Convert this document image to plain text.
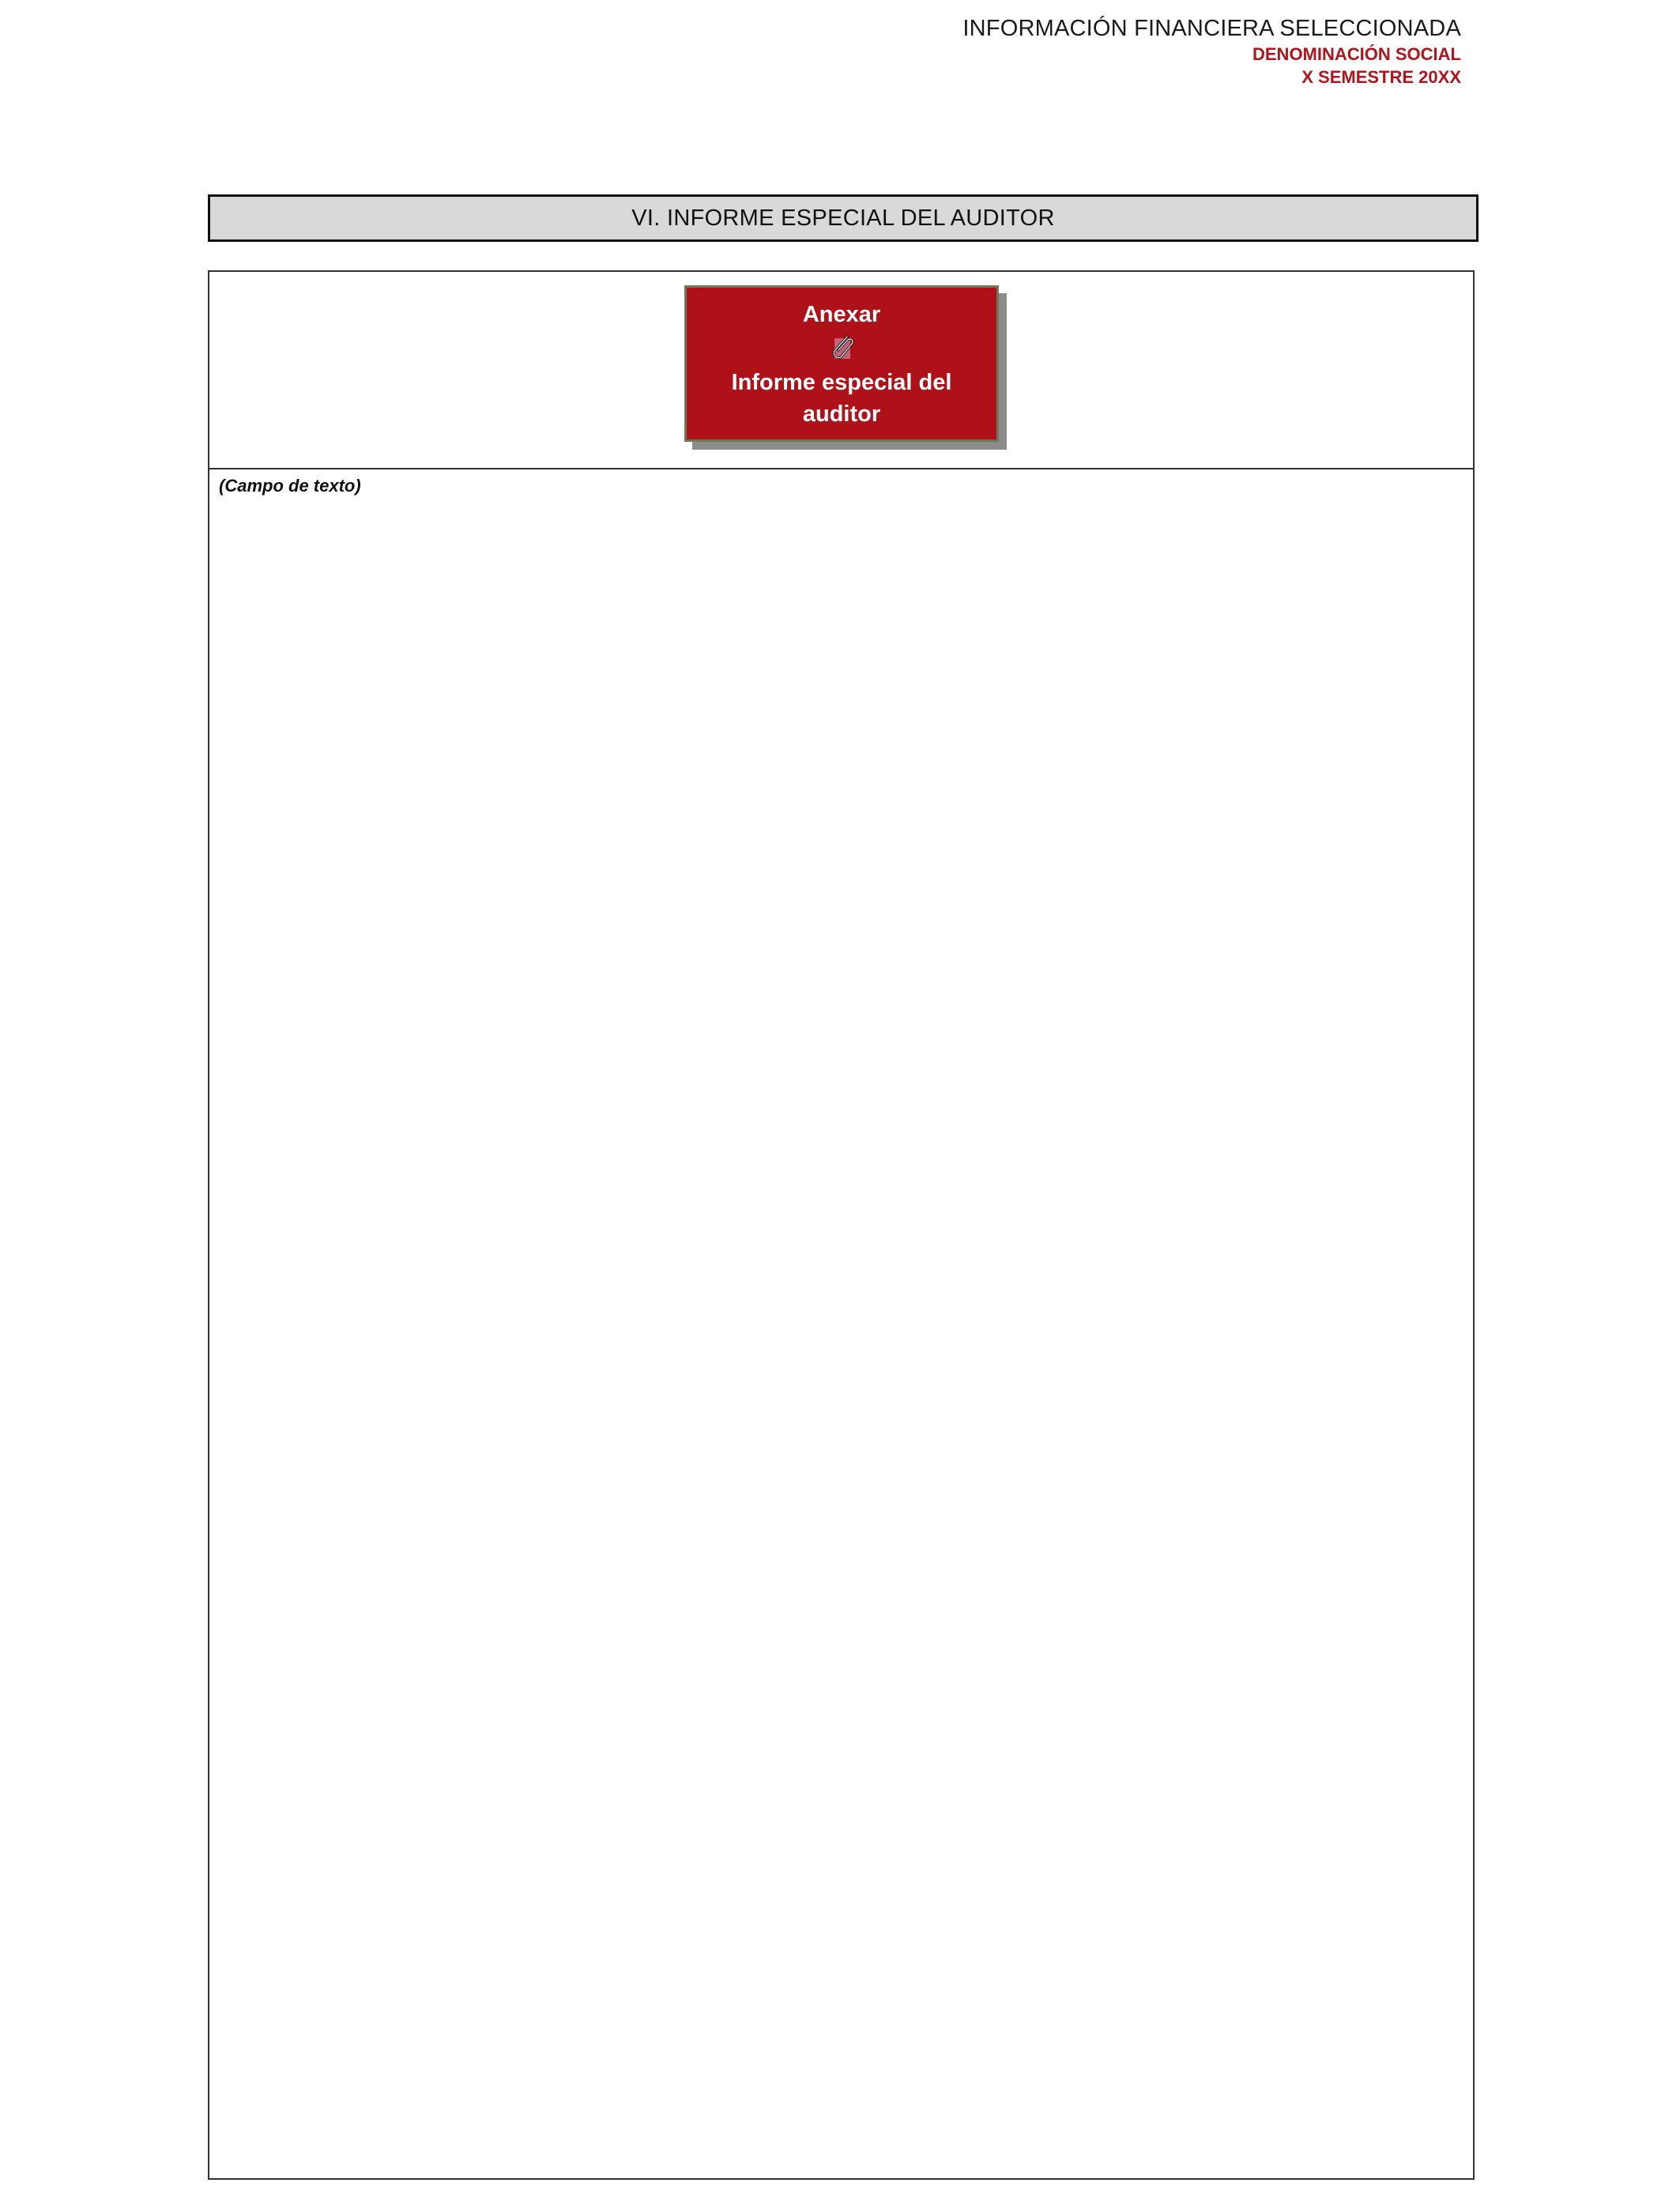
INFORMACIÓN FINANCIERA SELECCIONADA
DENOMINACIÓN SOCIAL
X SEMESTRE 20XX
VI. INFORME ESPECIAL DEL AUDITOR
Anexar
Informe especial del auditor
(Campo de texto)
